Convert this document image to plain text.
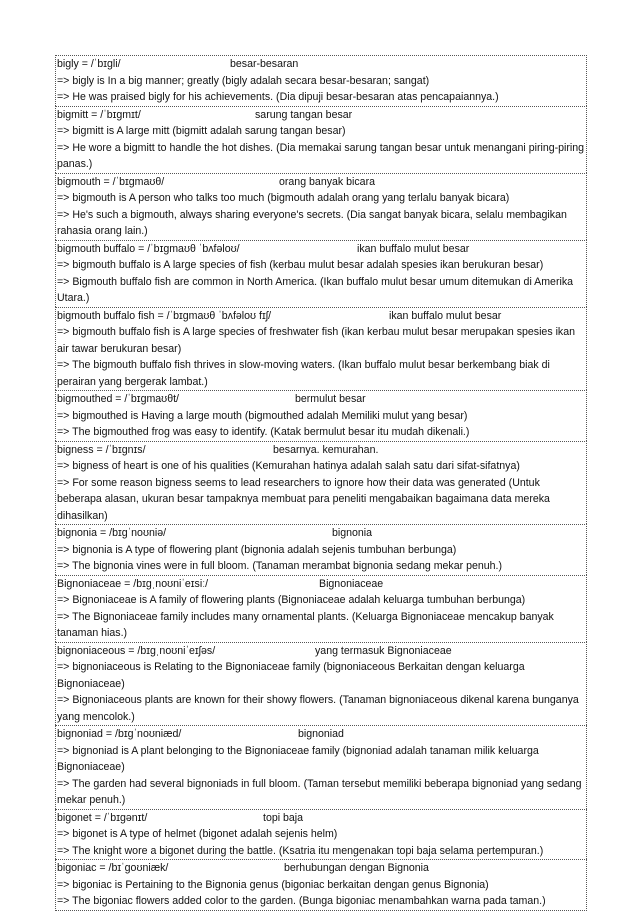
bigly = /ˈbɪɡli/	besar-besaran

=> bigly is In a big manner; greatly (bigly adalah secara besar-besaran; sangat)

=> He was praised bigly for his achievements. (Dia dipuji besar-besaran atas pencapaiannya.)

bigmitt = /ˈbɪɡmɪt/	sarung tangan besar

=> bigmitt is A large mitt (bigmitt adalah sarung tangan besar)

=> He wore a bigmitt to handle the hot dishes. (Dia memakai sarung tangan besar untuk menangani piring-piring panas.)

bigmouth = /ˈbɪɡmaʊθ/	orang banyak bicara

=> bigmouth is A person who talks too much (bigmouth adalah orang yang terlalu banyak bicara)

=> He's such a bigmouth, always sharing everyone's secrets. (Dia sangat banyak bicara, selalu membagikan rahasia orang lain.)

bigmouth buffalo = /ˈbɪɡmaʊθ ˈbʌfəloʊ/	ikan buffalo mulut besar

=> bigmouth buffalo is A large species of fish (kerbau mulut besar adalah spesies ikan berukuran besar)

=> Bigmouth buffalo fish are common in North America. (Ikan buffalo mulut besar umum ditemukan di Amerika Utara.)

bigmouth buffalo fish = /ˈbɪɡmaʊθ ˈbʌfəloʊ fɪʃ/	ikan buffalo mulut besar

=> bigmouth buffalo fish is A large species of freshwater fish (ikan kerbau mulut besar merupakan spesies ikan air tawar berukuran besar)

=> The bigmouth buffalo fish thrives in slow-moving waters. (Ikan buffalo mulut besar berkembang biak di perairan yang bergerak lambat.)

bigmouthed = /ˈbɪɡmaʊθt/	bermulut besar

=> bigmouthed is Having a large mouth (bigmouthed adalah Memiliki mulut yang besar)

=> The bigmouthed frog was easy to identify. (Katak bermulut besar itu mudah dikenali.)

bigness = /ˈbɪɡnɪs/	besarnya. kemurahan.

=> bigness of heart is one of his qualities (Kemurahan hatinya adalah salah satu dari sifat-sifatnya)

=> For some reason bigness seems to lead researchers to ignore how their data was generated (Untuk beberapa alasan, ukuran besar tampaknya membuat para peneliti mengabaikan bagaimana data mereka dihasilkan)

bignonia = /bɪɡˈnoʊniə/	bignonia

=> bignonia is A type of flowering plant (bignonia adalah sejenis tumbuhan berbunga)

=> The bignonia vines were in full bloom. (Tanaman merambat bignonia sedang mekar penuh.)

Bignoniaceae = /bɪɡˌnoʊniˈeɪsiː/	Bignoniaceae

=> Bignoniaceae is A family of flowering plants (Bignoniaceae adalah keluarga tumbuhan berbunga)

=> The Bignoniaceae family includes many ornamental plants. (Keluarga Bignoniaceae mencakup banyak tanaman hias.)

bignoniaceous = /bɪɡˌnoʊniˈeɪʃəs/	yang termasuk Bignoniaceae

=> bignoniaceous is Relating to the Bignoniaceae family (bignoniaceous Berkaitan dengan keluarga Bignoniaceae)

=> Bignoniaceous plants are known for their showy flowers. (Tanaman bignoniaceous dikenal karena bunganya yang mencolok.)

bignoniad = /bɪɡˈnoʊniæd/	bignoniad

=> bignoniad is A plant belonging to the Bignoniaceae family (bignoniad adalah tanaman milik keluarga Bignoniaceae)

=> The garden had several bignoniads in full bloom. (Taman tersebut memiliki beberapa bignoniad yang sedang mekar penuh.)

bigonet = /ˈbɪɡənɪt/	topi baja

=> bigonet is A type of helmet (bigonet adalah sejenis helm)

=> The knight wore a bigonet during the battle. (Ksatria itu mengenakan topi baja selama pertempuran.)

bigoniac = /bɪˈɡoʊniæk/	berhubungan dengan Bignonia

=> bigoniac is Pertaining to the Bignonia genus (bigoniac berkaitan dengan genus Bignonia)

=> The bigoniac flowers added color to the garden. (Bunga bigoniac menambahkan warna pada taman.)
